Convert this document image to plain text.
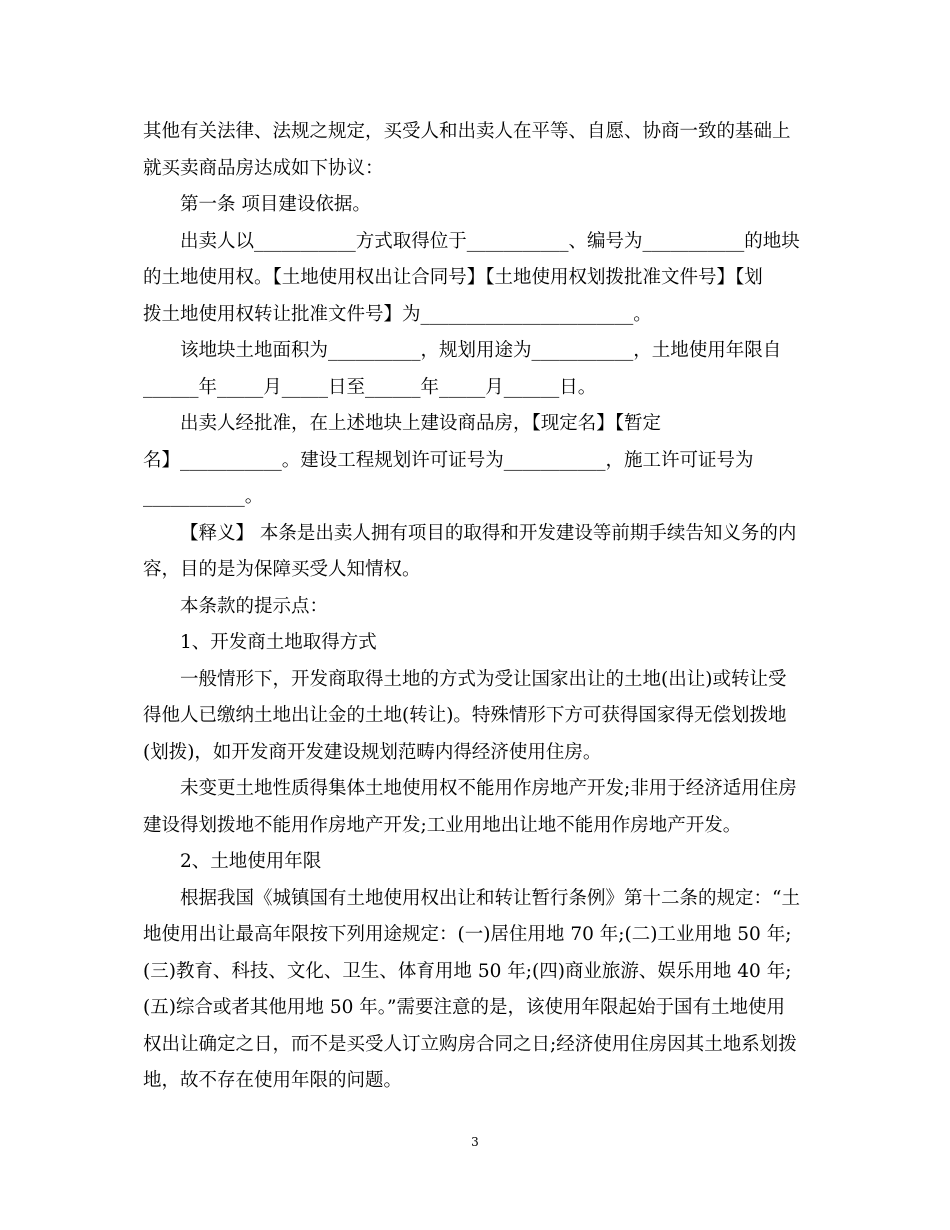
其他有关法律、法规之规定，买受人和出卖人在平等、自愿、协商一致的基础上
就买卖商品房达成如下协议：
第一条 项目建设依据。
出卖人以___________方式取得位于___________、编号为___________的地块
的土地使用权。【土地使用权出让合同号】【土地使用权划拨批准文件号】【划
拨土地使用权转让批准文件号】为_______________________。
该地块土地面积为__________，规划用途为___________，土地使用年限自
______年_____月_____日至______年_____月______日。
出卖人经批准，在上述地块上建设商品房，【现定名】【暂定
名】___________。建设工程规划许可证号为___________，施工许可证号为
___________。
【释义】 本条是出卖人拥有项目的取得和开发建设等前期手续告知义务的内
容，目的是为保障买受人知情权。
本条款的提示点：
1、开发商土地取得方式
一般情形下，开发商取得土地的方式为受让国家出让的土地(出让)或转让受
得他人已缴纳土地出让金的土地(转让)。特殊情形下方可获得国家得无偿划拨地
(划拨)，如开发商开发建设规划范畴内得经济使用住房。
未变更土地性质得集体土地使用权不能用作房地产开发;非用于经济适用住房
建设得划拨地不能用作房地产开发;工业用地出让地不能用作房地产开发。
2、土地使用年限
根据我国《城镇国有土地使用权出让和转让暂行条例》第十二条的规定：“土
地使用出让最高年限按下列用途规定：(一)居住用地 70 年;(二)工业用地 50 年;
(三)教育、科技、文化、卫生、体育用地 50 年;(四)商业旅游、娱乐用地 40 年;
(五)综合或者其他用地 50 年。”需要注意的是，该使用年限起始于国有土地使用
权出让确定之日，而不是买受人订立购房合同之日;经济使用住房因其土地系划拨
地，故不存在使用年限的问题。
3
